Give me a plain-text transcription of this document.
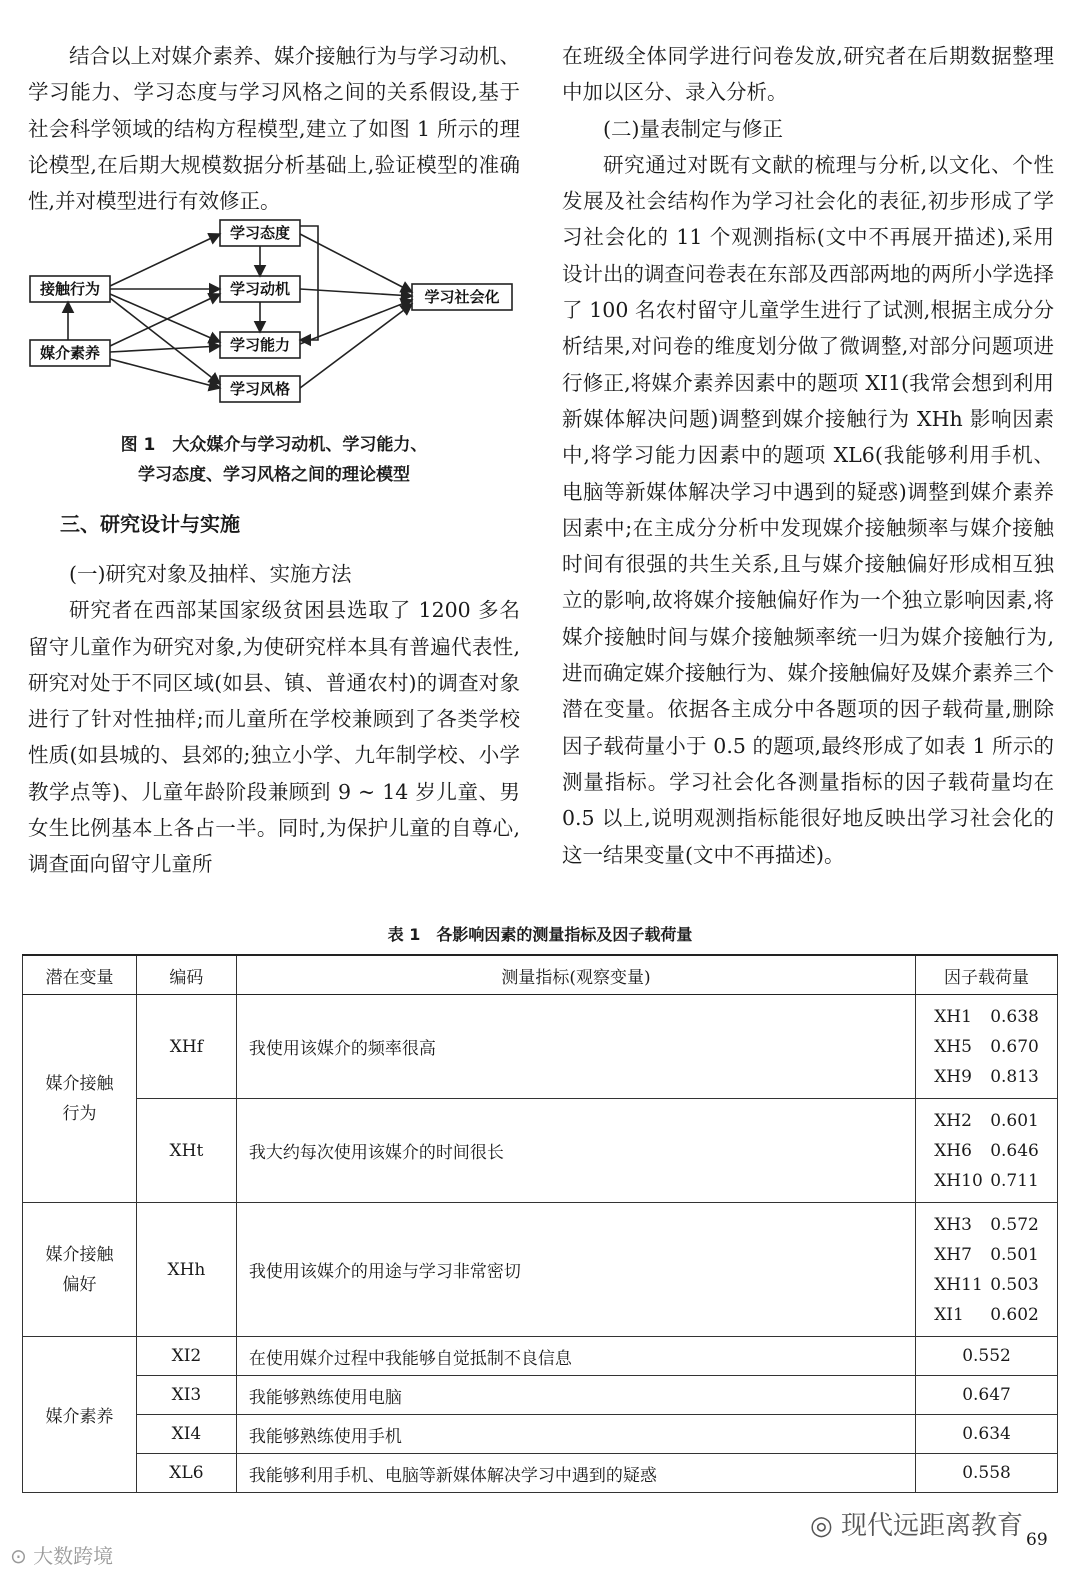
结合以上对媒介素养、媒介接触行为与学习动机、学习能力、学习态度与学习风格之间的关系假设,基于社会科学领域的结构方程模型,建立了如图 1 所示的理论模型,在后期大规模数据分析基础上,验证模型的准确性,并对模型进行有效修正。

接触行为
媒介素养
学习态度
学习动机
学习能力
学习风格
学习社会化
图 1　大众媒介与学习动机、学习能力、
学习态度、学习风格之间的理论模型
三、研究设计与实施

(一)研究对象及抽样、实施方法

研究者在西部某国家级贫困县选取了 1200 多名留守儿童作为研究对象,为使研究样本具有普遍代表性,研究对处于不同区域(如县、镇、普通农村)的调查对象进行了针对性抽样;而儿童所在学校兼顾到了各类学校性质(如县城的、县郊的;独立小学、九年制学校、小学教学点等)、儿童年龄阶段兼顾到 9 ~ 14 岁儿童、男女生比例基本上各占一半。同时,为保护儿童的自尊心,调查面向留守儿童所

在班级全体同学进行问卷发放,研究者在后期数据整理中加以区分、录入分析。

(二)量表制定与修正

研究通过对既有文献的梳理与分析,以文化、个性发展及社会结构作为学习社会化的表征,初步形成了学习社会化的 11 个观测指标(文中不再展开描述),采用设计出的调查问卷表在东部及西部两地的两所小学选择了 100 名农村留守儿童学生进行了试测,根据主成分分析结果,对问卷的维度划分做了微调整,对部分问题项进行修正,将媒介素养因素中的题项 XI1(我常会想到利用新媒体解决问题)调整到媒介接触行为 XHh 影响因素中,将学习能力因素中的题项 XL6(我能够利用手机、电脑等新媒体解决学习中遇到的疑惑)调整到媒介素养因素中;在主成分分析中发现媒介接触频率与媒介接触时间有很强的共生关系,且与媒介接触偏好形成相互独立的影响,故将媒介接触偏好作为一个独立影响因素,将媒介接触时间与媒介接触频率统一归为媒介接触行为,进而确定媒介接触行为、媒介接触偏好及媒介素养三个潜在变量。依据各主成分中各题项的因子载荷量,删除因子载荷量小于 0.5 的题项,最终形成了如表 1 所示的测量指标。学习社会化各测量指标的因子载荷量均在 0.5 以上,说明观测指标能很好地反映出学习社会化的这一结果变量(文中不再描述)。

表 1　各影响因素的测量指标及因子载荷量
潜在变量	编码	测量指标(观察变量)	因子载荷量

媒介接触行为	XHf	我使用该媒介的频率很高	XH1 0.638
XH5 0.670
XH9 0.813

	XHt	我大约每次使用该媒介的时间很长	XH2 0.601
XH6 0.646
XH10 0.711

媒介接触偏好	XHh	我使用该媒介的用途与学习非常密切	XH3 0.572
XH7 0.501
XH11 0.503
XI1 0.602

媒介素养	XI2	在使用媒介过程中我能够自觉抵制不良信息	0.552
	XI3	我能够熟练使用电脑	0.647
	XI4	我能够熟练使用手机	0.634
	XL6	我能够利用手机、电脑等新媒体解决学习中遇到的疑惑	0.558
◎ 现代远距离教育 69
⊙ 大数跨境
